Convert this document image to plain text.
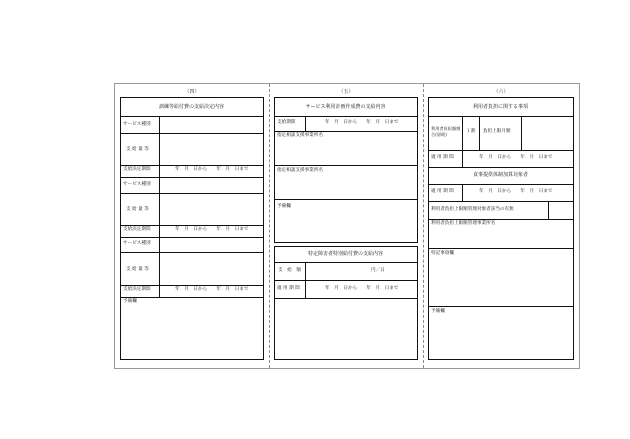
（四）	（五）	（六）
訓練等給付費の支給決定内容
サービス種別
支 給 量 等
支給決定期間	年　月　日から　　年　月　日まで
サービス種別
支 給 量 等
支給決定期間	年　月　日から　　年　月　日まで
サービス種別
支 給 量 等
支給決定期間	年　月　日から　　年　月　日まで
予備欄
サービス利用計画作成費の支給内容
支給期間	年　月　日から　　年　月　日まで
指定相談支援事業所名
指定相談支援事業所名
予備欄
特定障害者特別給付費の支給内容
支　給　額	円／日
適 用 期 間	年　月　日から　　年　月　日まで
利用者負担に関する事項
利用者負担額割合(原則)
１割 負担上限月額
適 用 期 間	年　月　日から　　年　月　日まで
食事提供体制加算対象者
適 用 期 間	年　月　日から　　年　月　日まで
利用者負担上限額管理対象者該当の有無
利用者負担上限額管理事業所名
特記事項欄
予備欄
